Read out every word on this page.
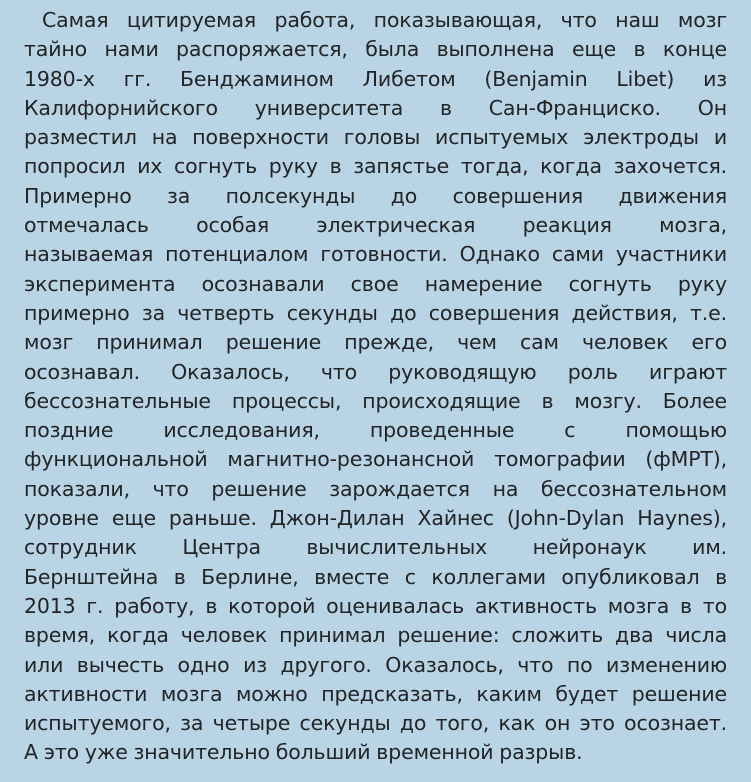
Самая цитируемая работа, показывающая, что наш мозг
тайно нами распоряжается, была выполнена еще в конце
1980-х гг. Бенджамином Либетом (Benjamin Libet) из
Калифорнийского университета в Сан-Франциско. Он
разместил на поверхности головы испытуемых электроды и
попросил их согнуть руку в запястье тогда, когда захочется.
Примерно за полсекунды до совершения движения
отмечалась особая электрическая реакция мозга,
называемая потенциалом готовности. Однако сами участники
эксперимента осознавали свое намерение согнуть руку
примерно за четверть секунды до совершения действия, т.е.
мозг принимал решение прежде, чем сам человек его
осознавал. Оказалось, что руководящую роль играют
бессознательные процессы, происходящие в мозгу. Более
поздние исследования, проведенные с помощью
функциональной магнитно-резонансной томографии (фМРТ),
показали, что решение зарождается на бессознательном
уровне еще раньше. Джон-Дилан Хайнес (John-Dylan Haynes),
сотрудник Центра вычислительных нейронаук им.
Бернштейна в Берлине, вместе с коллегами опубликовал в
2013 г. работу, в которой оценивалась активность мозга в то
время, когда человек принимал решение: сложить два числа
или вычесть одно из другого. Оказалось, что по изменению
активности мозга можно предсказать, каким будет решение
испытуемого, за четыре секунды до того, как он это осознает.
А это уже значительно больший временной разрыв.
